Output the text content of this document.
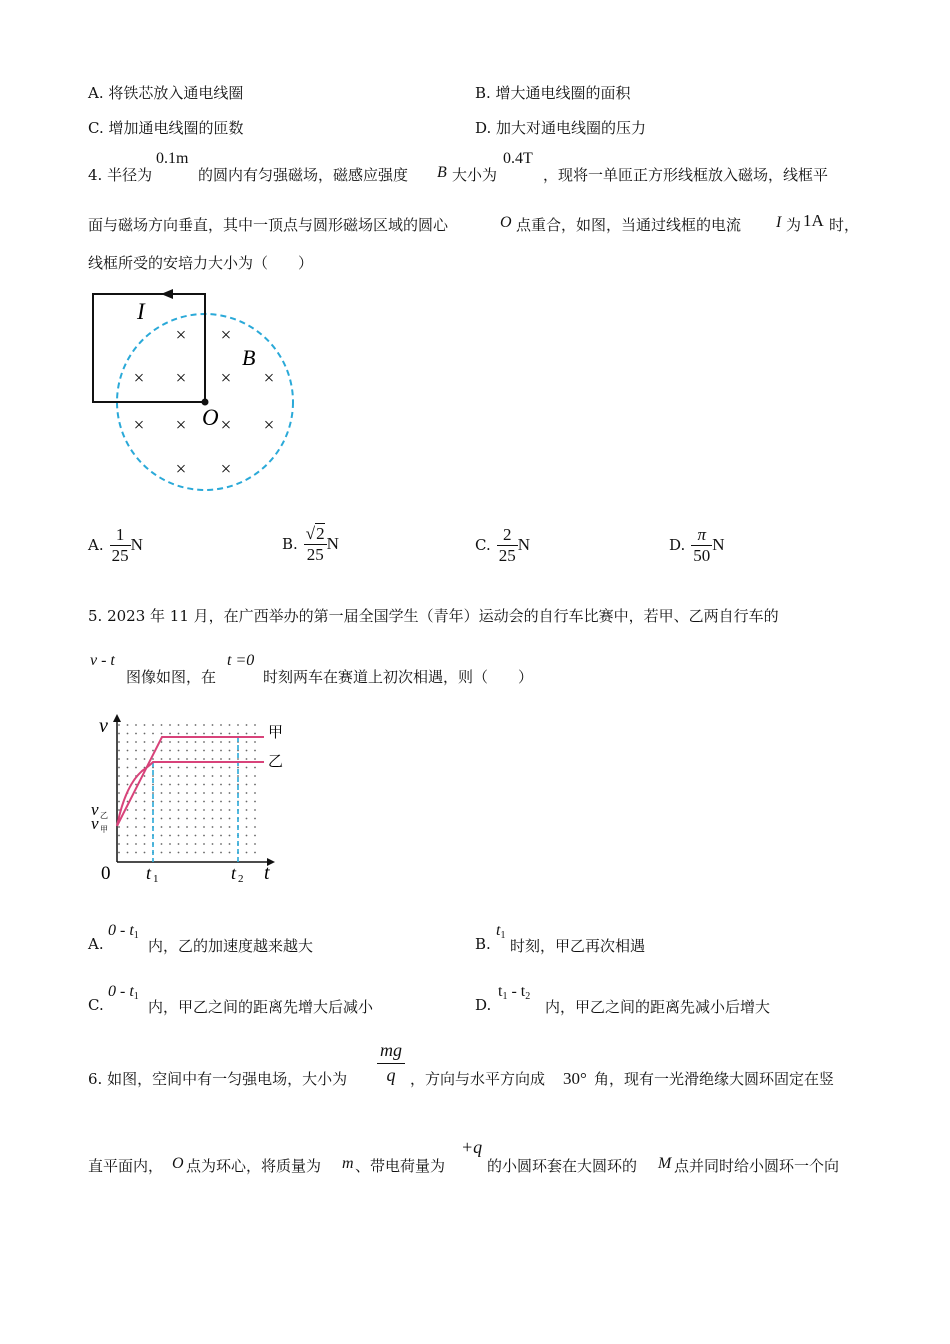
A. 将铁芯放入通电线圈	B. 增大通电线圈的面积
C. 增加通电线圈的匝数	D. 加大对通电线圈的压力
4. 半径为
0.1m
的圆内有匀强磁场，磁感应强度 B 大小为
0.4T
，现将一单匝正方形线框放入磁场，线框平
面与磁场方向垂直，其中一顶点与圆形磁场区域的圆心	O 点重合，如图，当通过线框的电流 I 为 1A 时，
线框所受的安培力大小为（　　）
I
B
O
× ×
× × × ×
× × × ×
× ×
A. $\frac{1}{25}$ N	B. $\frac{√2}{25}$ N	C. $\frac{2}{25}$ N	D. $\frac{\pi}{50}$ N
5. 2023 年 11 月，在广西举办的第一届全国学生（青年）运动会的自行车比赛中，若甲、乙两自行车的
v - t
图像如图，在
t =0
时刻两车在赛道上初次相遇，则（　　）
v	甲
乙
v 乙
v 甲
0 t 1	t 2 t
A.
$0 - t_1$
内，乙的加速度越来越大	B.
$t_1$
时刻，甲乙再次相遇
C.
$0 - t_1$
内，甲乙之间的距离先增大后减小	D.
$t_1 - t_2$
内，甲乙之间的距离先减小后增大
6. 如图，空间中有一匀强电场，大小为 $\frac{mg}{q}$ ，方向与水平方向成 30° 角，现有一光滑绝缘大圆环固定在竖
直平面内， O 点为环心，将质量为 m 、带电荷量为
+q
的小圆环套在大圆环的 M 点并同时给小圆环一个向
